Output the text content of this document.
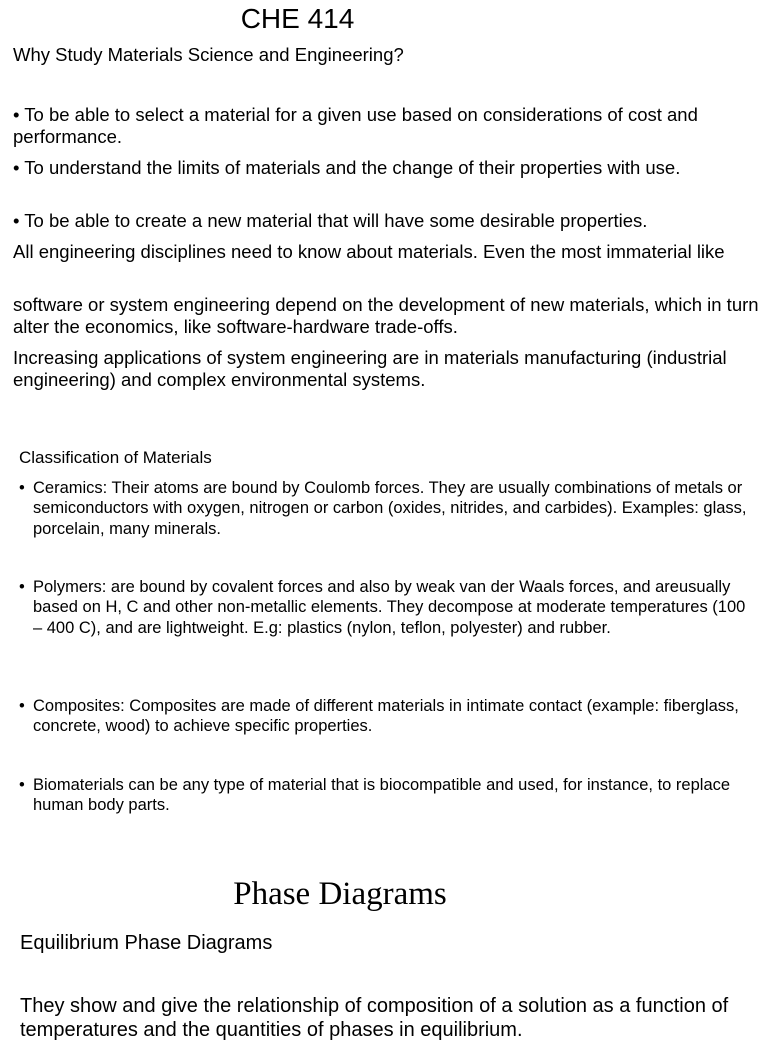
CHE 414
Why Study Materials Science and Engineering?
• To be able to select a material for a given use based on considerations of cost and performance.
• To understand the limits of materials and the change of their properties with use.
• To be able to create a new material that will have some desirable properties.
All engineering disciplines need to know about materials. Even the most immaterial like
software or system engineering depend on the development of new materials, which in turn alter the economics, like software-hardware trade-offs.
Increasing applications of system engineering are in materials manufacturing (industrial engineering) and complex environmental systems.
Classification of Materials
• Ceramics: Their atoms are bound by Coulomb forces. They are usually combinations of metals or semiconductors with oxygen, nitrogen or carbon (oxides, nitrides, and carbides). Examples: glass, porcelain, many minerals.
• Polymers: are bound by covalent forces and also by weak van der Waals forces, and areusually based on H, C and other non-metallic elements. They decompose at moderate temperatures (100 – 400 C), and are lightweight. E.g: plastics (nylon, teflon, polyester) and rubber.
• Composites: Composites are made of different materials in intimate contact (example: fiberglass, concrete, wood) to achieve specific properties.
• Biomaterials can be any type of material that is biocompatible and used, for instance, to replace human body parts.
Phase Diagrams
Equilibrium Phase Diagrams
They show and give the relationship of composition of a solution as a function of temperatures and the quantities of phases in equilibrium.
